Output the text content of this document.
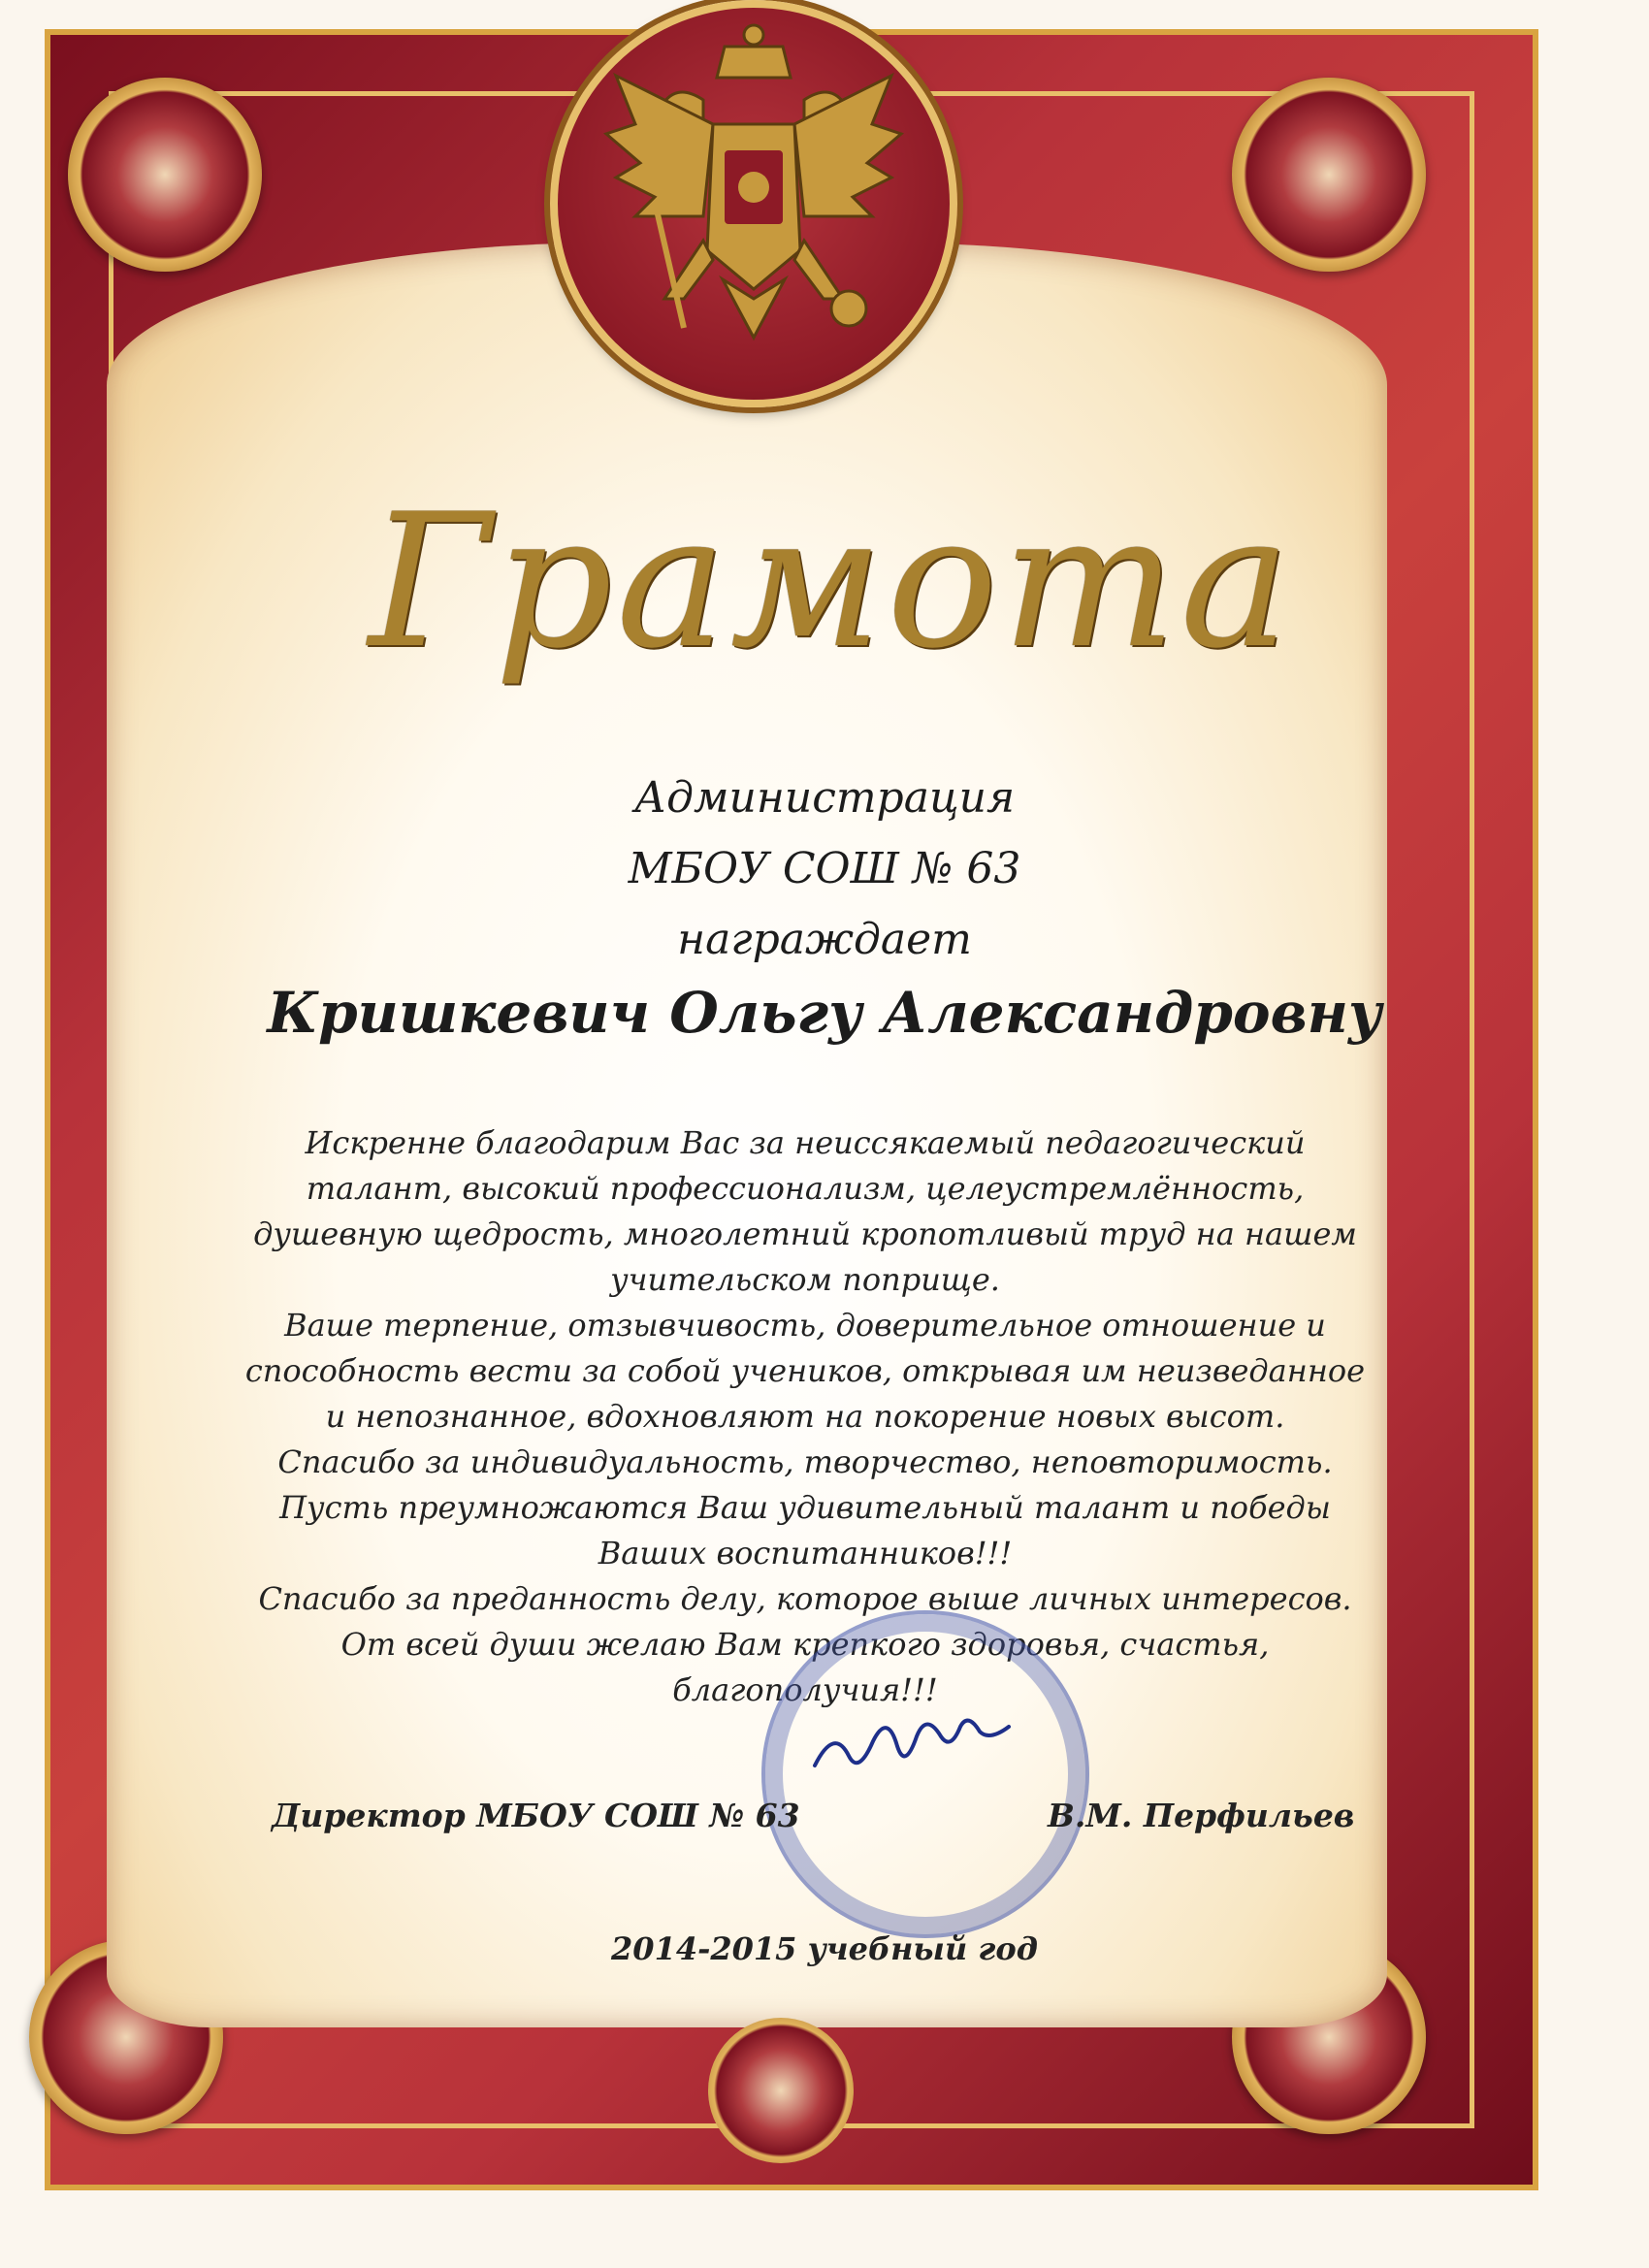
Грамота
Администрация
МБОУ СОШ № 63
награждает
Кришкевич Ольгу Александровну

Искренне благодарим Вас за неиссякаемый педагогический талант, высокий профессионализм, целеустремлённость, душевную щедрость, многолетний кропотливый труд на нашем учительском поприще.

Ваше терпение, отзывчивость, доверительное отношение и способность вести за собой учеников, открывая им неизведанное и непознанное, вдохновляют на покорение новых высот.

Спасибо за индивидуальность, творчество, неповторимость.

Пусть преумножаются Ваш удивительный талант и победы Ваших воспитанников!!!

Спасибо за преданность делу, которое выше личных интересов.

От всей души желаю Вам крепкого здоровья, счастья, благополучия!!!

Директор МБОУ СОШ № 63	В.М. Перфильев
2014-2015 учебный год
